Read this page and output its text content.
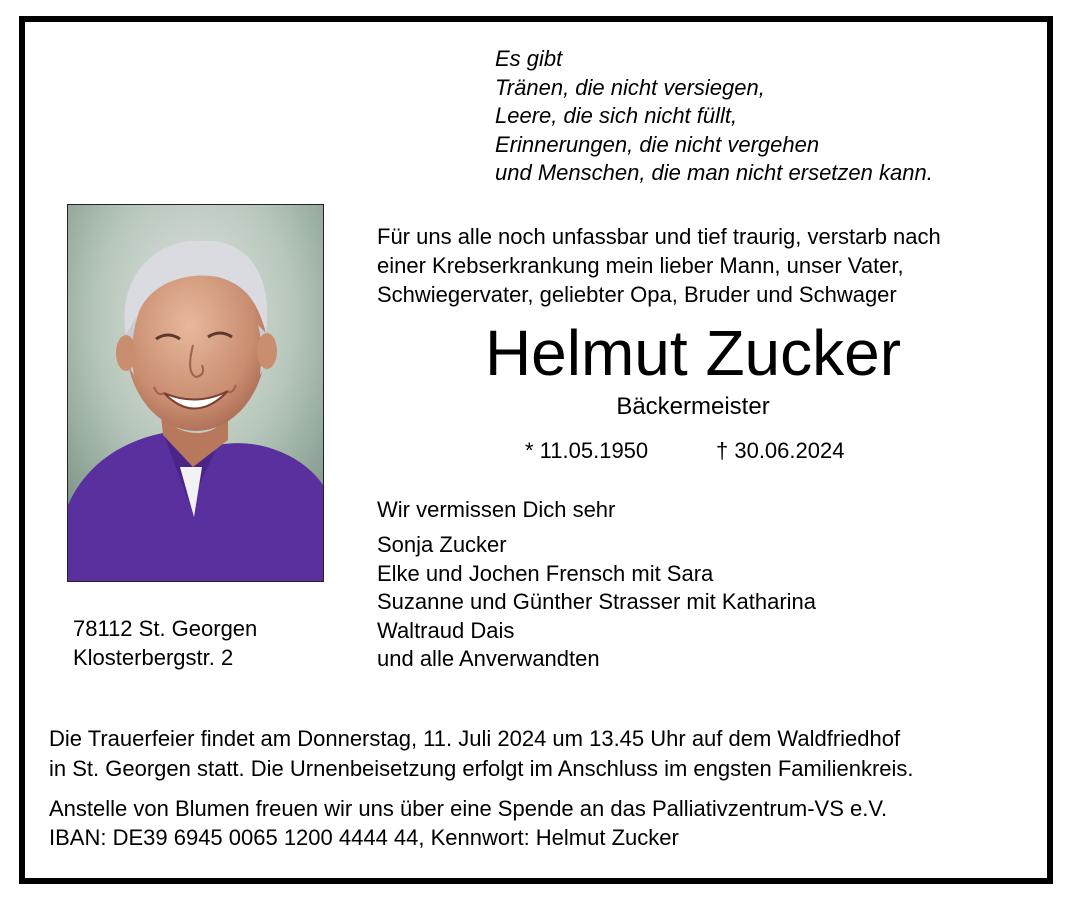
Es gibt
Tränen, die nicht versiegen,
Leere, die sich nicht füllt,
Erinnerungen, die nicht vergehen
und Menschen, die man nicht ersetzen kann.
78112 St. Georgen
Klosterbergstr. 2
Für uns alle noch unfassbar und tief traurig, verstarb nach
einer Krebserkrankung mein lieber Mann, unser Vater,
Schwiegervater, geliebter Opa, Bruder und Schwager
Helmut Zucker
Bäckermeister
* 11.05.1950	† 30.06.2024
Wir vermissen Dich sehr
Sonja Zucker
Elke und Jochen Frensch mit Sara
Suzanne und Günther Strasser mit Katharina
Waltraud Dais
und alle Anverwandten
Die Trauerfeier findet am Donnerstag, 11. Juli 2024 um 13.45 Uhr auf dem Waldfriedhof
in St. Georgen statt. Die Urnenbeisetzung erfolgt im Anschluss im engsten Familienkreis.
Anstelle von Blumen freuen wir uns über eine Spende an das Palliativzentrum-VS e.V.
IBAN: DE39 6945 0065 1200 4444 44, Kennwort: Helmut Zucker
